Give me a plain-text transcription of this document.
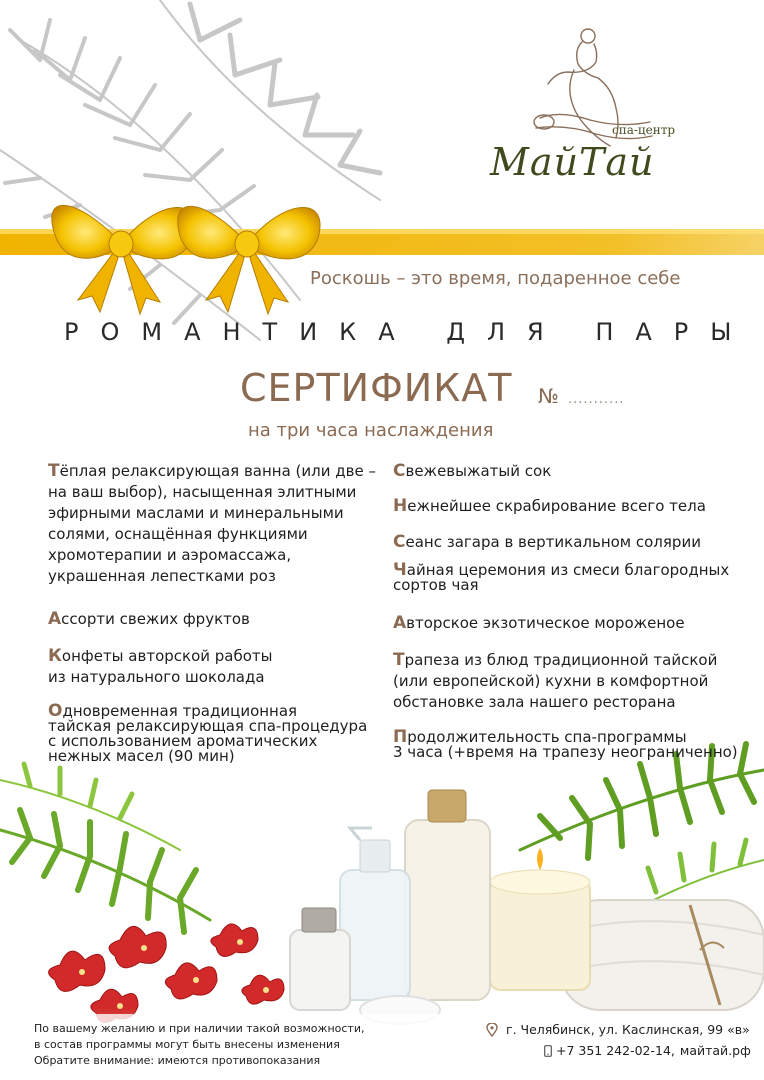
спа-центр
МайТай
Роскошь – это время, подаренное себе
РОМАНТИКА ДЛЯ ПАРЫ
СЕРТИФИКАТ № ...........
на три часа наслаждения
Тёплая релаксирующая ванна (или две –
на ваш выбор), насыщенная элитными
эфирными маслами и минеральными
солями, оснащённая функциями
хромотерапии и аэромассажа,
украшенная лепестками роз
Ассорти свежих фруктов
Конфеты авторской работы
из натурального шоколада
Одновременная традиционная
тайская релаксирующая спа-процедура
с использованием ароматических
нежных масел (90 мин)
Свежевыжатый сок
Нежнейшее скрабирование всего тела
Сеанс загара в вертикальном солярии
Чайная церемония из смеси благородных
сортов чая
Авторское экзотическое мороженое
Трапеза из блюд традиционной тайской
(или европейской) кухни в комфортной
обстановке зала нашего ресторана
Продолжительность спа-программы
3 часа (+время на трапезу неограниченно)
По вашему желанию и при наличии такой возможности,
в состав программы могут быть внесены изменения
Обратите внимание: имеются противопоказания
г. Челябинск, ул. Каслинская, 99 «в»
+7 351 242-02-14, майтай.рф
